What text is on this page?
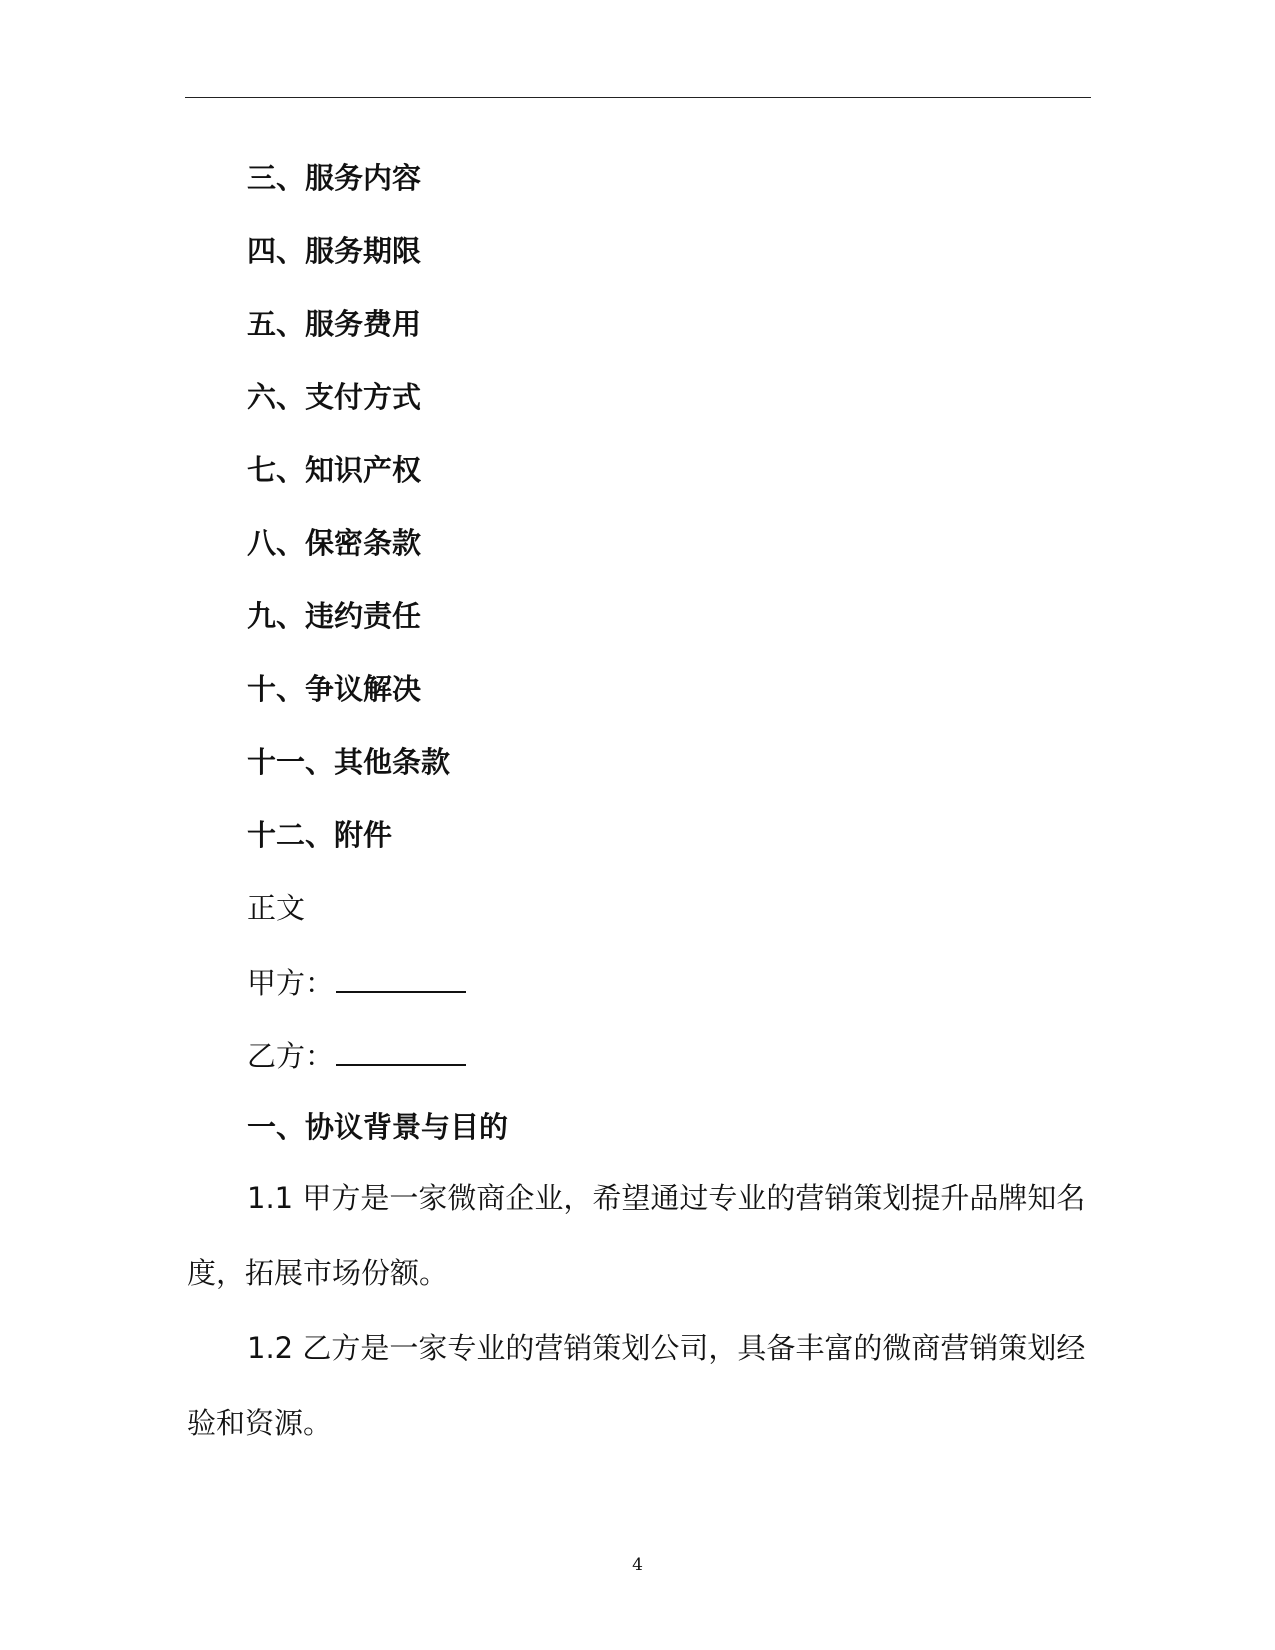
三、服务内容
四、服务期限
五、服务费用
六、支付方式
七、知识产权
八、保密条款
九、违约责任
十、争议解决
十一、其他条款
十二、附件
正文
甲方：
乙方：
一、协议背景与目的
1.1 甲方是一家微商企业，希望通过专业的营销策划提升品牌知名度，拓展市场份额。
1.2 乙方是一家专业的营销策划公司，具备丰富的微商营销策划经验和资源。
4
